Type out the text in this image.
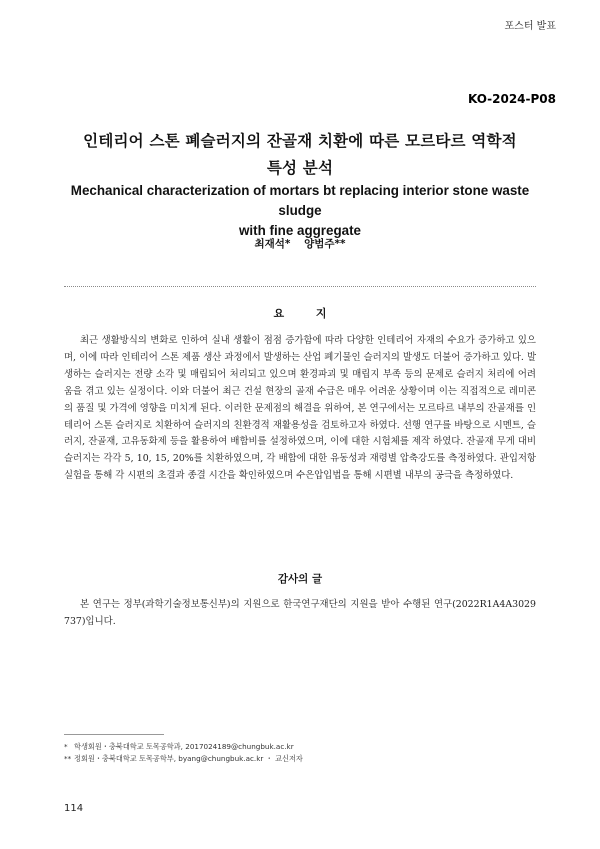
포스터 발표
KO-2024-P08
인테리어 스톤 폐슬러지의 잔골재 치환에 따른 모르타르 역학적
특성 분석
Mechanical characterization of mortars bt replacing interior stone waste sludge
with fine aggregate
최재석* 양범주**
요 지

최근 생활방식의 변화로 인하여 실내 생활이 점점 증가함에 따라 다양한 인테리어 자재의 수요가 증가하고 있으며, 이에 따라 인테리어 스톤 제품 생산 과정에서 발생하는 산업 폐기물인 슬러지의 발생도 더불어 증가하고 있다. 발생하는 슬러지는 전량 소각 및 매립되어 처리되고 있으며 환경파괴 및 매립지 부족 등의 문제로 슬러지 처리에 어려움을 겪고 있는 실정이다. 이와 더불어 최근 건설 현장의 골재 수급은 매우 어려운 상황이며 이는 직접적으로 레미콘의 품질 및 가격에 영향을 미치게 된다. 이러한 문제점의 해결을 위하여, 본 연구에서는 모르타르 내부의 잔골재를 인테리어 스톤 슬러지로 치환하여 슬러지의 친환경적 재활용성을 검토하고자 하였다. 선행 연구를 바탕으로 시멘트, 슬러지, 잔골재, 고유동화제 등을 활용하여 배합비를 설정하였으며, 이에 대한 시험체를 제작 하였다. 잔골재 무게 대비 슬러지는 각각 5, 10, 15, 20%를 치환하였으며, 각 배합에 대한 유동성과 재령별 압축강도를 측정하였다. 관입저항 실험을 통해 각 시편의 초결과 종결 시간을 확인하였으며 수은압입법을 통해 시편별 내부의 공극을 측정하였다.

감사의 글

본 연구는 정부(과학기술정보통신부)의 지원으로 한국연구재단의 지원을 받아 수행된 연구(2022R1A4A3029737)입니다.

* 학생회원・충북대학교 토목공학과, 2017024189@chungbuk.ac.kr
** 정회원・충북대학교 토목공학부, byang@chungbuk.ac.kr ・ 교신저자
114
